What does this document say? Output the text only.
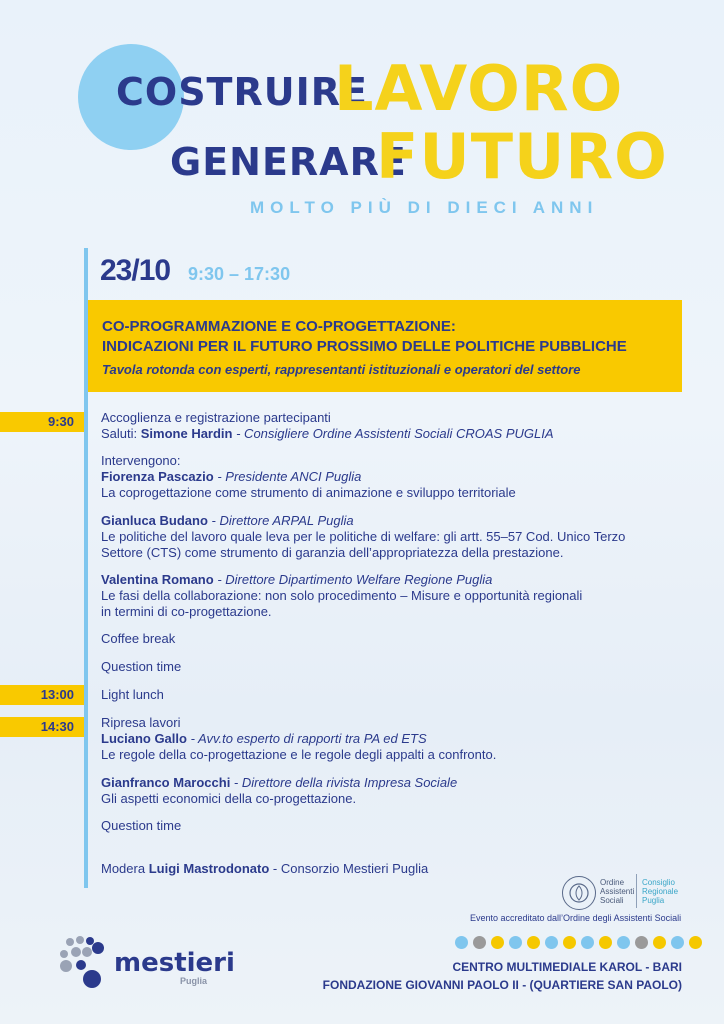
COSTRUIRE
LAVORO
GENERARE
FUTURO
MOLTO PIÙ DI DIECI ANNI
23/10 9:30 – 17:30
CO-PROGRAMMAZIONE E CO-PROGETTAZIONE:
INDICAZIONI PER IL FUTURO PROSSIMO DELLE POLITICHE PUBBLICHE
Tavola rotonda con esperti, rappresentanti istituzionali e operatori del settore
9:30
13:00
14:30
Accoglienza e registrazione partecipanti
Saluti: Simone Hardin - Consigliere Ordine Assistenti Sociali CROAS PUGLIA
Intervengono:
Fiorenza Pascazio - Presidente ANCI Puglia
La coprogettazione come strumento di animazione e sviluppo territoriale
Gianluca Budano - Direttore ARPAL Puglia
Le politiche del lavoro quale leva per le politiche di welfare: gli artt. 55–57 Cod. Unico Terzo
Settore (CTS) come strumento di garanzia dell’appropriatezza della prestazione.
Valentina Romano - Direttore Dipartimento Welfare Regione Puglia
Le fasi della collaborazione: non solo procedimento – Misure e opportunità regionali
in termini di co-progettazione.
Coffee break
Question time
Light lunch
Ripresa lavori
Luciano Gallo - Avv.to esperto di rapporti tra PA ed ETS
Le regole della co-progettazione e le regole degli appalti a confronto.
Gianfranco Marocchi - Direttore della rivista Impresa Sociale
Gli aspetti economici della co-progettazione.
Question time
Modera Luigi Mastrodonato - Consorzio Mestieri Puglia
Ordine
Assistenti
Sociali
Consiglio
Regionale
Puglia
Evento accreditato dall’Ordine degli Assistenti Sociali
CENTRO MULTIMEDIALE KAROL - BARI
FONDAZIONE GIOVANNI PAOLO II - (QUARTIERE SAN PAOLO)
mestieri
Puglia
